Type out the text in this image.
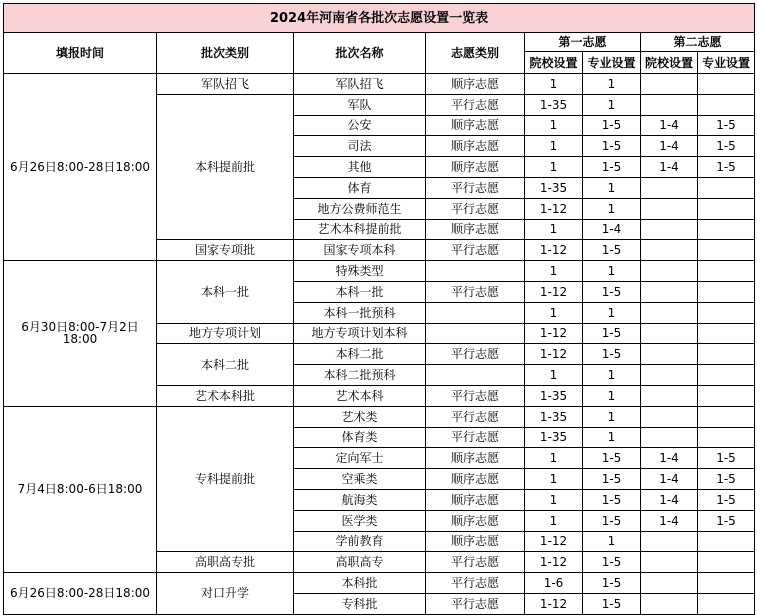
2024年河南省各批次志愿设置一览表							
填报时间	批次类别	批次名称	志愿类别	第一志愿		第二志愿	
				院校设置	专业设置	院校设置	专业设置
6月26日8:00-28日18:00	军队招飞	军队招飞	顺序志愿	1	1		
	本科提前批	军队	平行志愿	1-35	1		
		公安	顺序志愿	1	1-5	1-4	1-5
		司法	顺序志愿	1	1-5	1-4	1-5
		其他	顺序志愿	1	1-5	1-4	1-5
		体育	平行志愿	1-35	1		
		地方公费师范生	平行志愿	1-12	1		
		艺术本科提前批	顺序志愿	1	1-4		
	国家专项批	国家专项本科	平行志愿	1-12	1-5		
6月30日8:00-7月2日18:00	本科一批	特殊类型		1	1		
		本科一批	平行志愿	1-12	1-5		
		本科一批预科		1	1		
	地方专项计划	地方专项计划本科		1-12	1-5		
	本科二批	本科二批	平行志愿	1-12	1-5		
		本科二批预科		1	1		
	艺术本科批	艺术本科	平行志愿	1-35	1		
7月4日8:00-6日18:00	专科提前批	艺术类	平行志愿	1-35	1		
		体育类	平行志愿	1-35	1		
		定向军士	顺序志愿	1	1-5	1-4	1-5
		空乘类	顺序志愿	1	1-5	1-4	1-5
		航海类	顺序志愿	1	1-5	1-4	1-5
		医学类	顺序志愿	1	1-5	1-4	1-5
		学前教育	顺序志愿	1-12	1		
	高职高专批	高职高专	平行志愿	1-12	1-5		
6月26日8:00-28日18:00	对口升学	本科批	平行志愿	1-6	1-5		
		专科批	平行志愿	1-12	1-5		
